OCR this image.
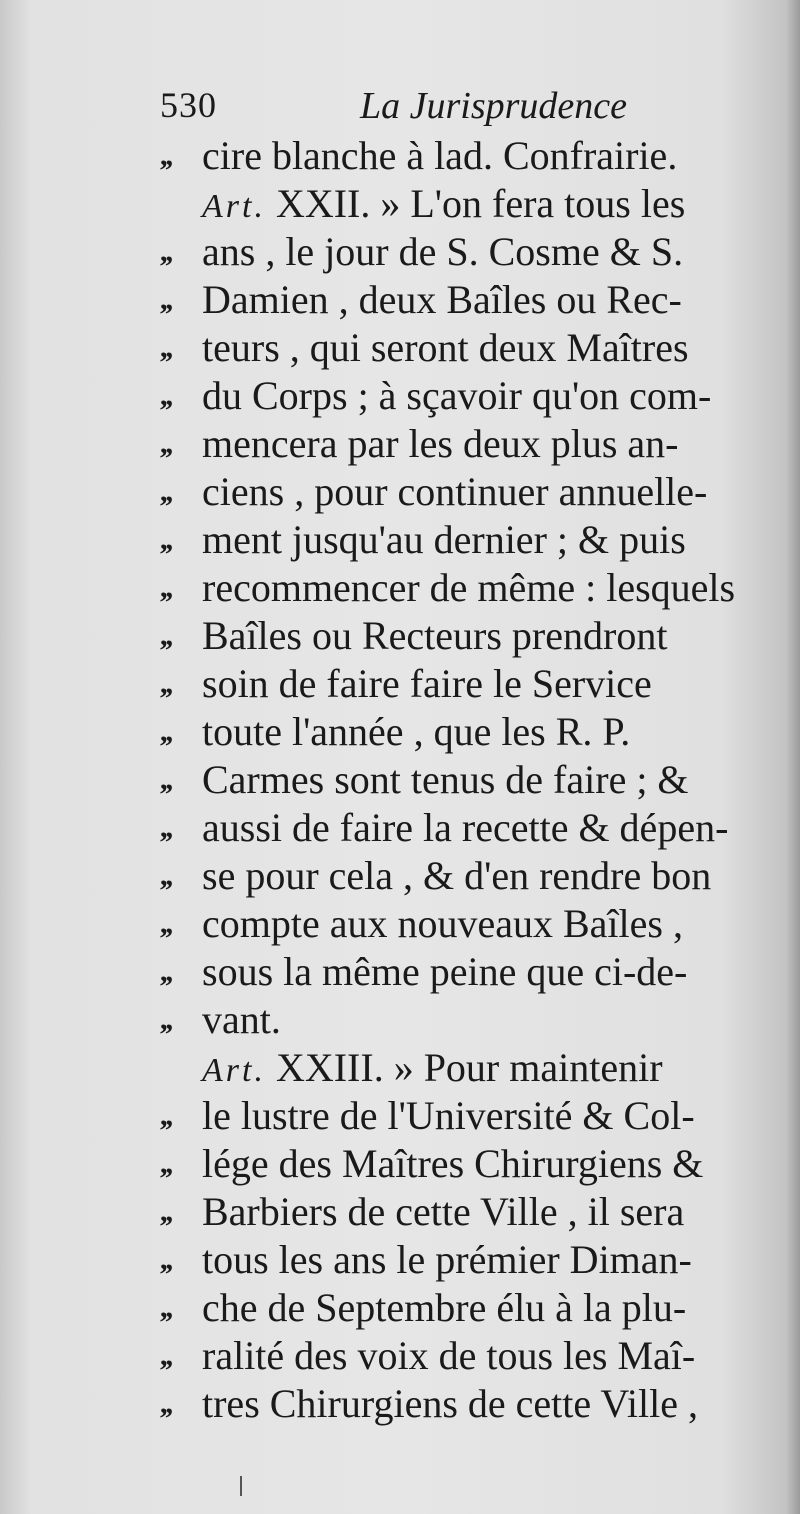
530	La Jurisprudence
,, cire blanche à lad. Confrairie.
Art. XXII. » L'on fera tous les
,, ans , le jour de S. Cosme & S.
,, Damien , deux Baîles ou Rec-
,, teurs , qui seront deux Maîtres
,, du Corps ; à sçavoir qu'on com-
,, mencera par les deux plus an-
,, ciens , pour continuer annuelle-
,, ment jusqu'au dernier ; & puis
,, recommencer de même : lesquels
,, Baîles ou Recteurs prendront
,, soin de faire faire le Service
,, toute l'année , que les R. P.
,, Carmes sont tenus de faire ; &
,, aussi de faire la recette & dépen-
,, se pour cela , & d'en rendre bon
,, compte aux nouveaux Baîles ,
,, sous la même peine que ci-de-
,, vant.
Art. XXIII. » Pour maintenir
,, le lustre de l'Université & Col-
,, lége des Maîtres Chirurgiens &
,, Barbiers de cette Ville , il sera
,, tous les ans le prémier Diman-
,, che de Septembre élu à la plu-
,, ralité des voix de tous les Maî-
,, tres Chirurgiens de cette Ville ,
